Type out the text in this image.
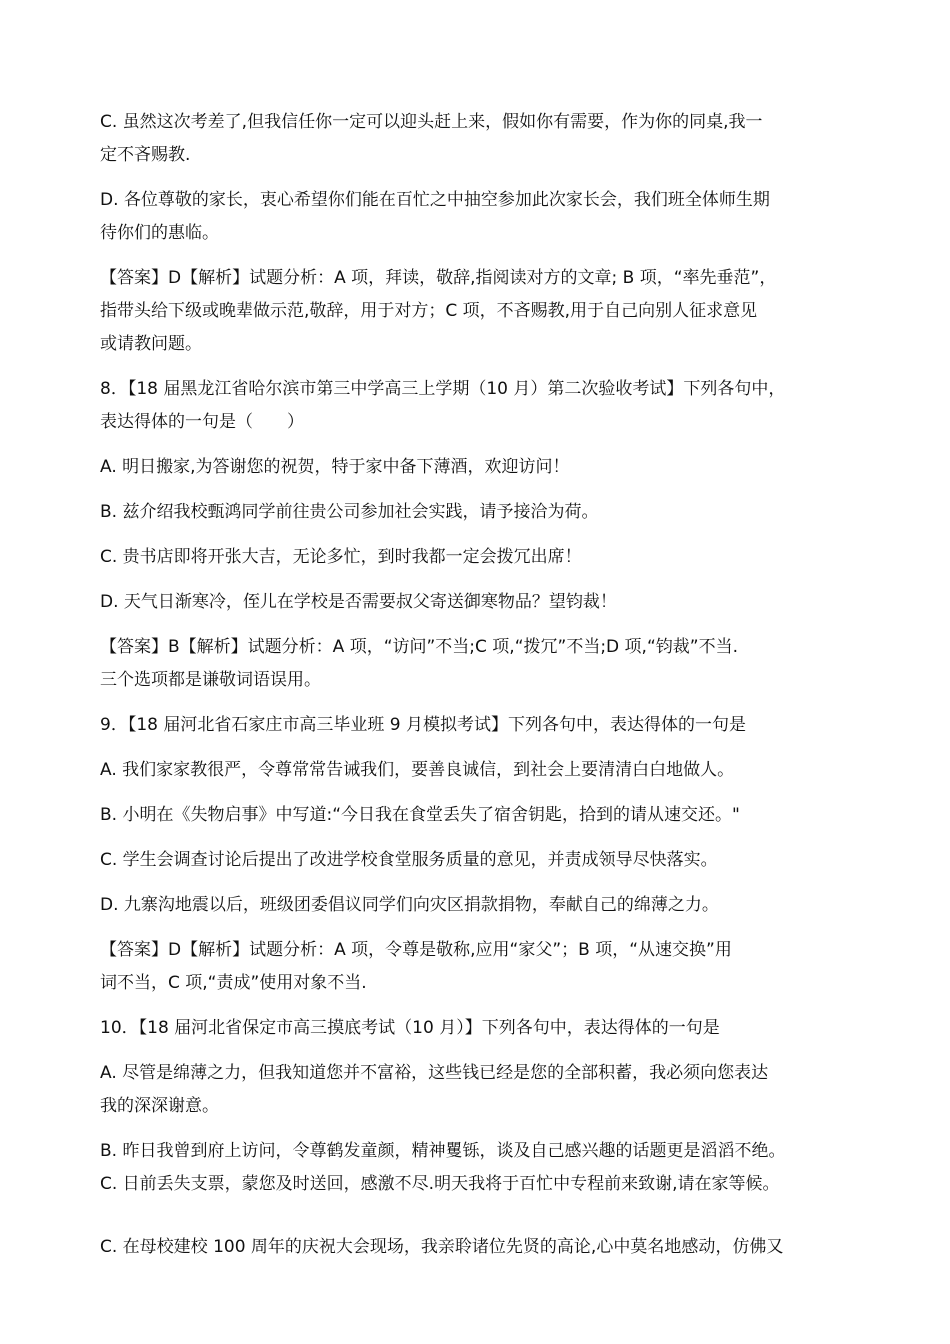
C. 虽然这次考差了,但我信任你一定可以迎头赶上来，假如你有需要，作为你的同桌,我一
定不吝赐教.

D. 各位尊敬的家长，衷心希望你们能在百忙之中抽空参加此次家长会，我们班全体师生期
待你们的惠临。

【答案】D【解析】试题分析：A 项，拜读，敬辞,指阅读对方的文章; B 项，“率先垂范”，
指带头给下级或晚辈做示范,敬辞，用于对方；C 项，不吝赐教,用于自己向别人征求意见
或请教问题。

8．【18 届黑龙江省哈尔滨市第三中学高三上学期（10 月）第二次验收考试】下列各句中，
表达得体的一句是（　　）

A. 明日搬家,为答谢您的祝贺，特于家中备下薄酒，欢迎访问！

B. 兹介绍我校甄鸿同学前往贵公司参加社会实践，请予接洽为荷。

C. 贵书店即将开张大吉，无论多忙，到时我都一定会拨冗出席！

D. 天气日渐寒冷，侄儿在学校是否需要叔父寄送御寒物品？望钧裁！

【答案】B【解析】试题分析：A 项，“访问”不当;C 项,“拨冗”不当;D 项,“钧裁”不当.
三个选项都是谦敬词语误用。

9．【18 届河北省石家庄市高三毕业班 9 月模拟考试】下列各句中，表达得体的一句是

A. 我们家家教很严，令尊常常告诫我们，要善良诚信，到社会上要清清白白地做人。

B. 小明在《失物启事》中写道:“今日我在食堂丢失了宿舍钥匙，拾到的请从速交还。"

C. 学生会调查讨论后提出了改进学校食堂服务质量的意见，并责成领导尽快落实。

D. 九寨沟地震以后，班级团委倡议同学们向灾区捐款捐物，奉献自己的绵薄之力。

【答案】D【解析】试题分析：A 项，令尊是敬称,应用“家父”；B 项，“从速交换”用
词不当，C 项,“责成”使用对象不当.

10．【18 届河北省保定市高三摸底考试（10 月）】下列各句中，表达得体的一句是

A. 尽管是绵薄之力，但我知道您并不富裕，这些钱已经是您的全部积蓄，我必须向您表达
我的深深谢意。

B. 昨日我曾到府上访问，令尊鹤发童颜，精神矍铄，谈及自己感兴趣的话题更是滔滔不绝。
C. 日前丢失支票，蒙您及时送回，感激不尽.明天我将于百忙中专程前来致谢,请在家等候。

C. 在母校建校 100 周年的庆祝大会现场，我亲聆诸位先贤的高论,心中莫名地感动，仿佛又
